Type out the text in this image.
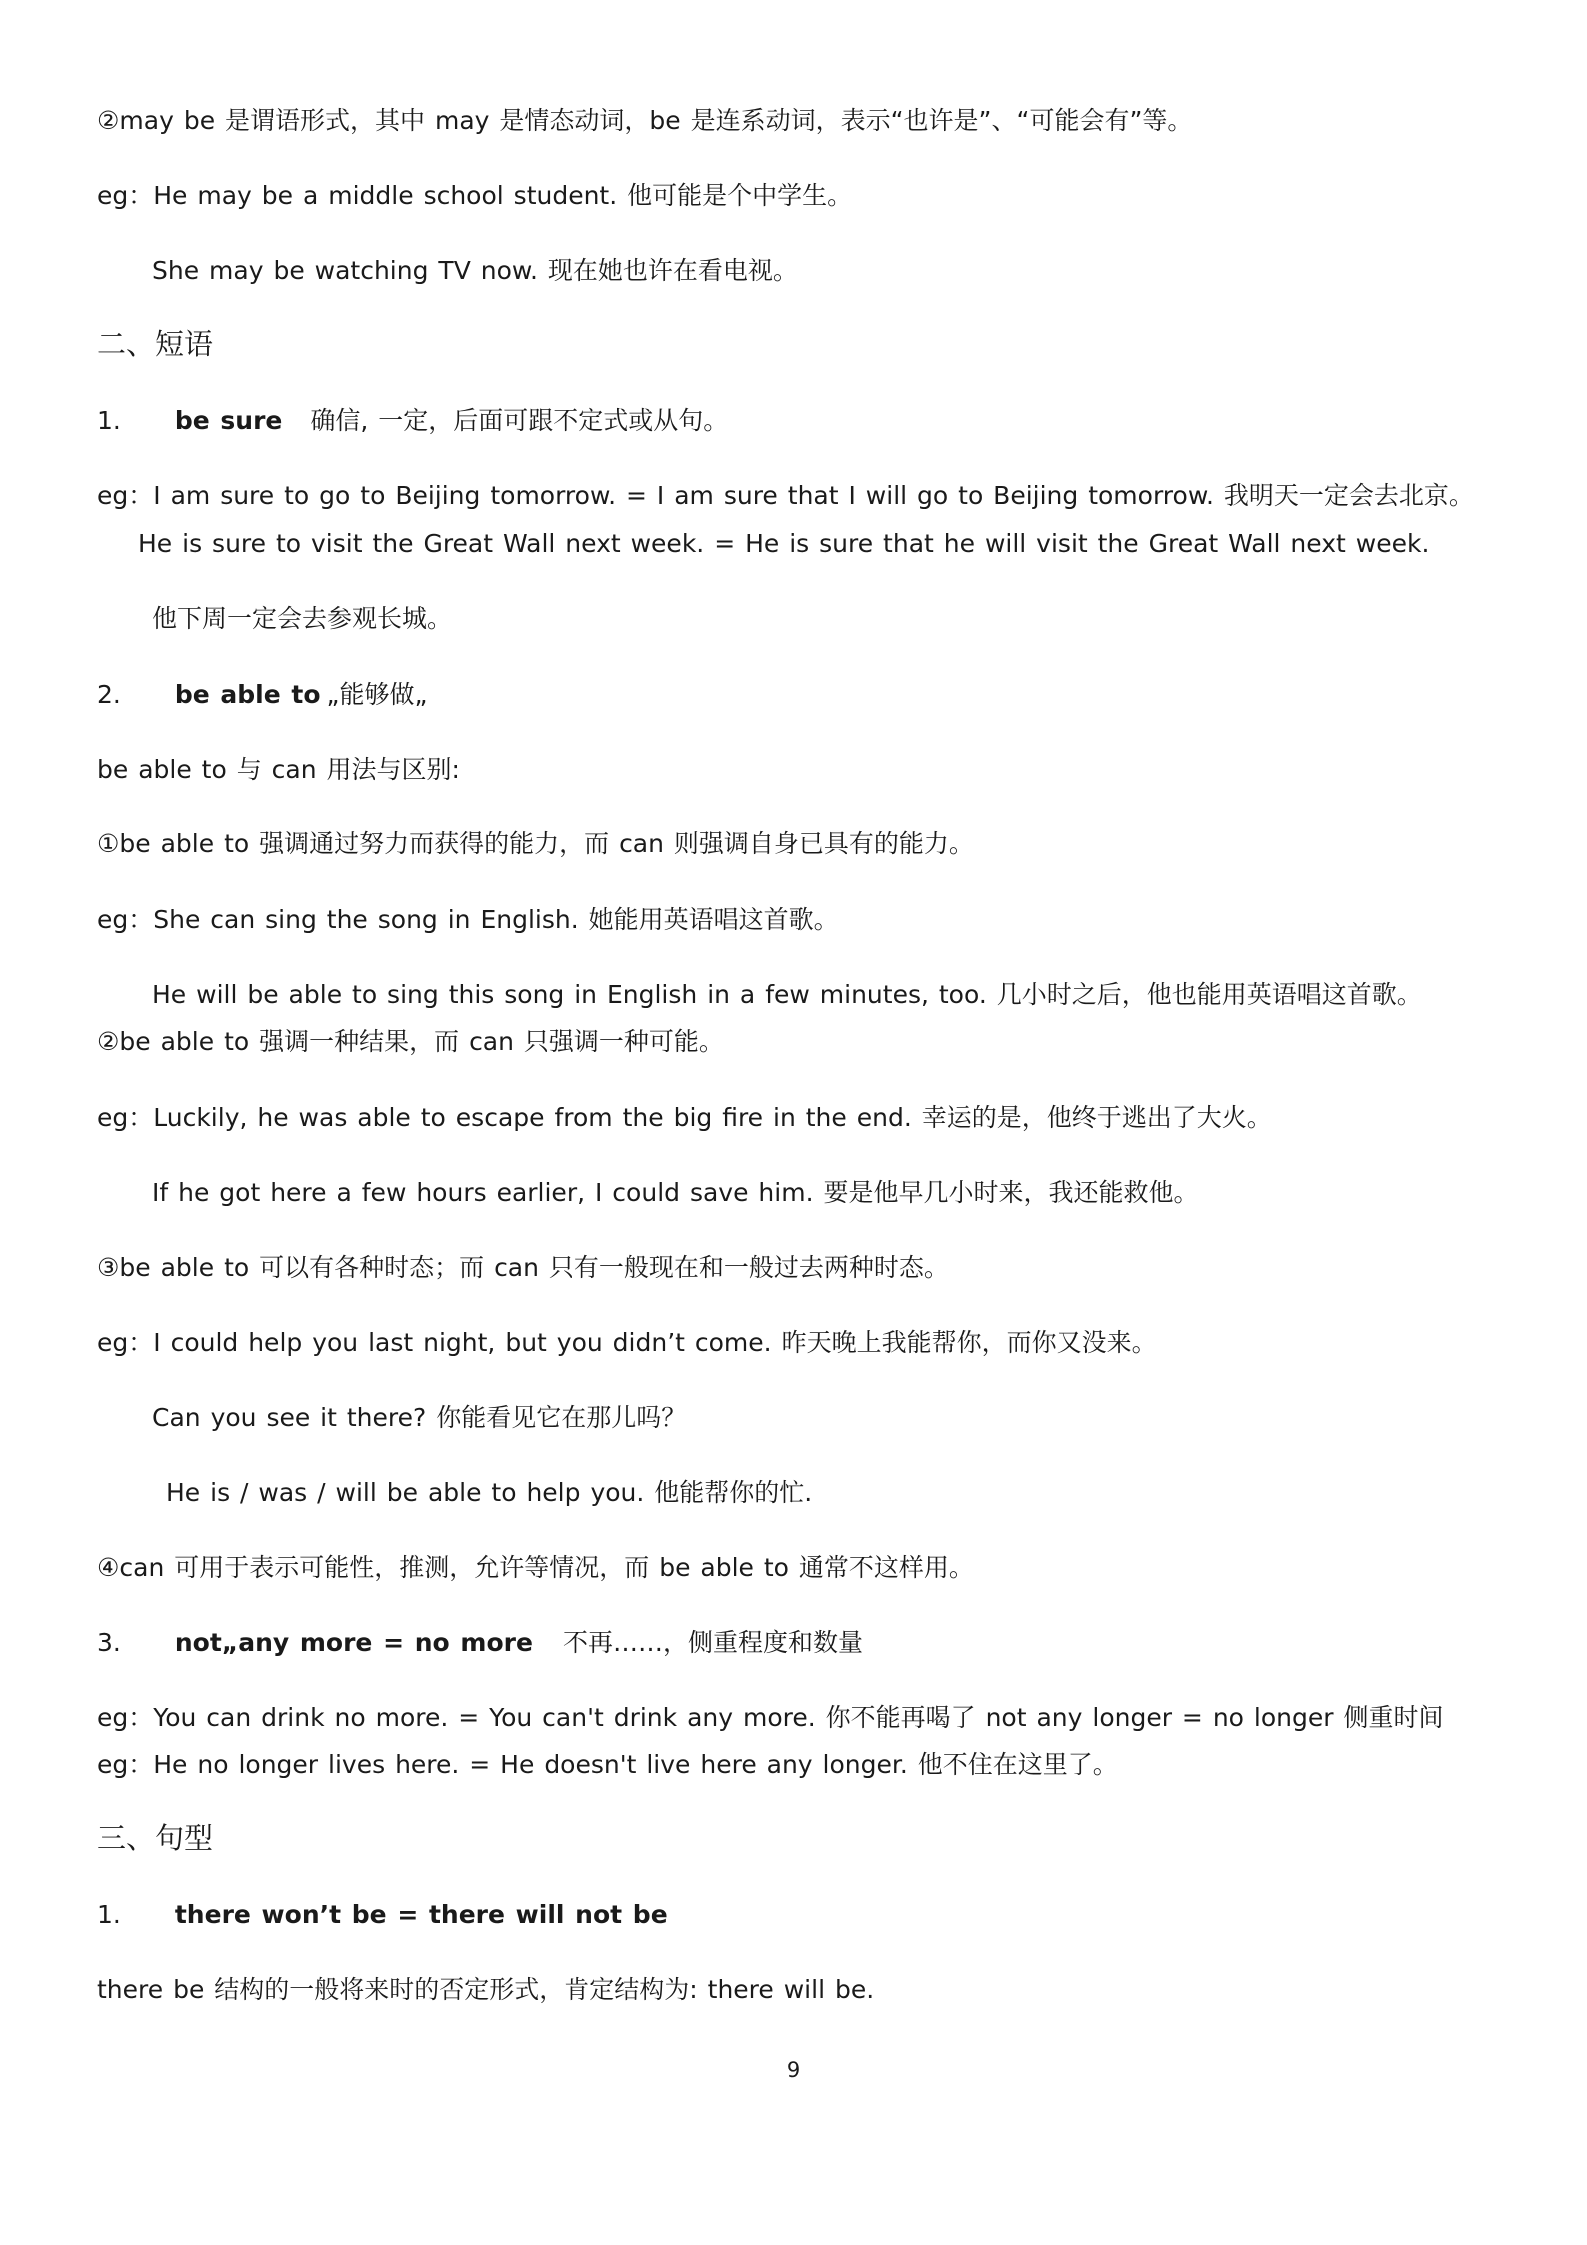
②may be 是谓语形式，其中 may 是情态动词，be 是连系动词，表示“也许是”、“可能会有”等。

eg：He may be a middle school student. 他可能是个中学生。

She may be watching TV now. 现在她也许在看电视。

二、短语

1. be sure 确信, 一定，后面可跟不定式或从句。

eg：I am sure to go to Beijing tomorrow. = I am sure that I will go to Beijing tomorrow. 我明天一定会去北京。

He is sure to visit the Great Wall next week. = He is sure that he will visit the Great Wall next week.

他下周一定会去参观长城。

2. be able to „能够做„

be able to 与 can 用法与区别:

①be able to 强调通过努力而获得的能力，而 can 则强调自身已具有的能力。

eg：She can sing the song in English. 她能用英语唱这首歌。

He will be able to sing this song in English in a few minutes, too. 几小时之后，他也能用英语唱这首歌。

②be able to 强调一种结果，而 can 只强调一种可能。

eg：Luckily, he was able to escape from the big fire in the end. 幸运的是，他终于逃出了大火。

If he got here a few hours earlier, I could save him. 要是他早几小时来，我还能救他。

③be able to 可以有各种时态；而 can 只有一般现在和一般过去两种时态。

eg：I could help you last night, but you didn’t come. 昨天晚上我能帮你，而你又没来。

Can you see it there? 你能看见它在那儿吗？

He is / was / will be able to help you. 他能帮你的忙.

④can 可用于表示可能性，推测，允许等情况，而 be able to 通常不这样用。

3. not„any more = no more 不再……，侧重程度和数量

eg：You can drink no more. = You can't drink any more. 你不能再喝了 not any longer = no longer 侧重时间

eg：He no longer lives here. = He doesn't live here any longer. 他不住在这里了。

三、句型

1. there won’t be = there will not be

there be 结构的一般将来时的否定形式，肯定结构为: there will be.

9
